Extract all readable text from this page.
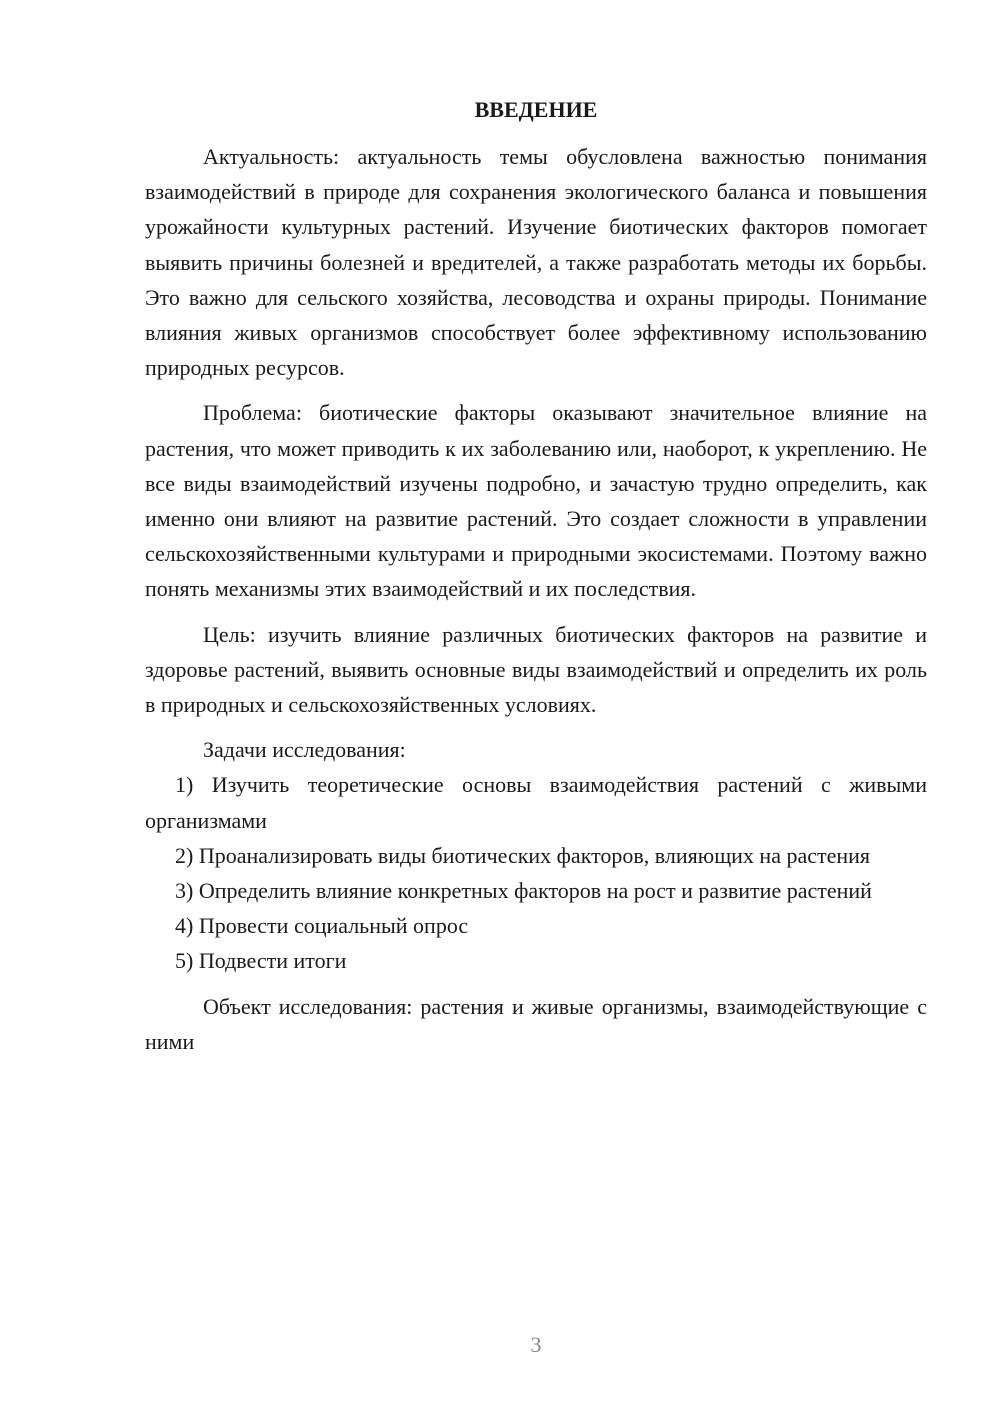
ВВЕДЕНИЕ

Актуальность: актуальность темы обусловлена важностью понимания взаимодействий в природе для сохранения экологического баланса и повышения урожайности культурных растений. Изучение биотических факторов помогает выявить причины болезней и вредителей, а также разработать методы их борьбы. Это важно для сельского хозяйства, лесоводства и охраны природы. Понимание влияния живых организмов способствует более эффективному использованию природных ресурсов.

Проблема: биотические факторы оказывают значительное влияние на растения, что может приводить к их заболеванию или, наоборот, к укреплению. Не все виды взаимодействий изучены подробно, и зачастую трудно определить, как именно они влияют на развитие растений. Это создает сложности в управлении сельскохозяйственными культурами и природными экосистемами. Поэтому важно понять механизмы этих взаимодействий и их последствия.

Цель: изучить влияние различных биотических факторов на развитие и здоровье растений, выявить основные виды взаимодействий и определить их роль в природных и сельскохозяйственных условиях.

Задачи исследования:

1) Изучить теоретические основы взаимодействия растений с живыми организмами

2) Проанализировать виды биотических факторов, влияющих на растения

3) Определить влияние конкретных факторов на рост и развитие растений

4) Провести социальный опрос

5) Подвести итоги

Объект исследования: растения и живые организмы, взаимодействующие с ними

3
